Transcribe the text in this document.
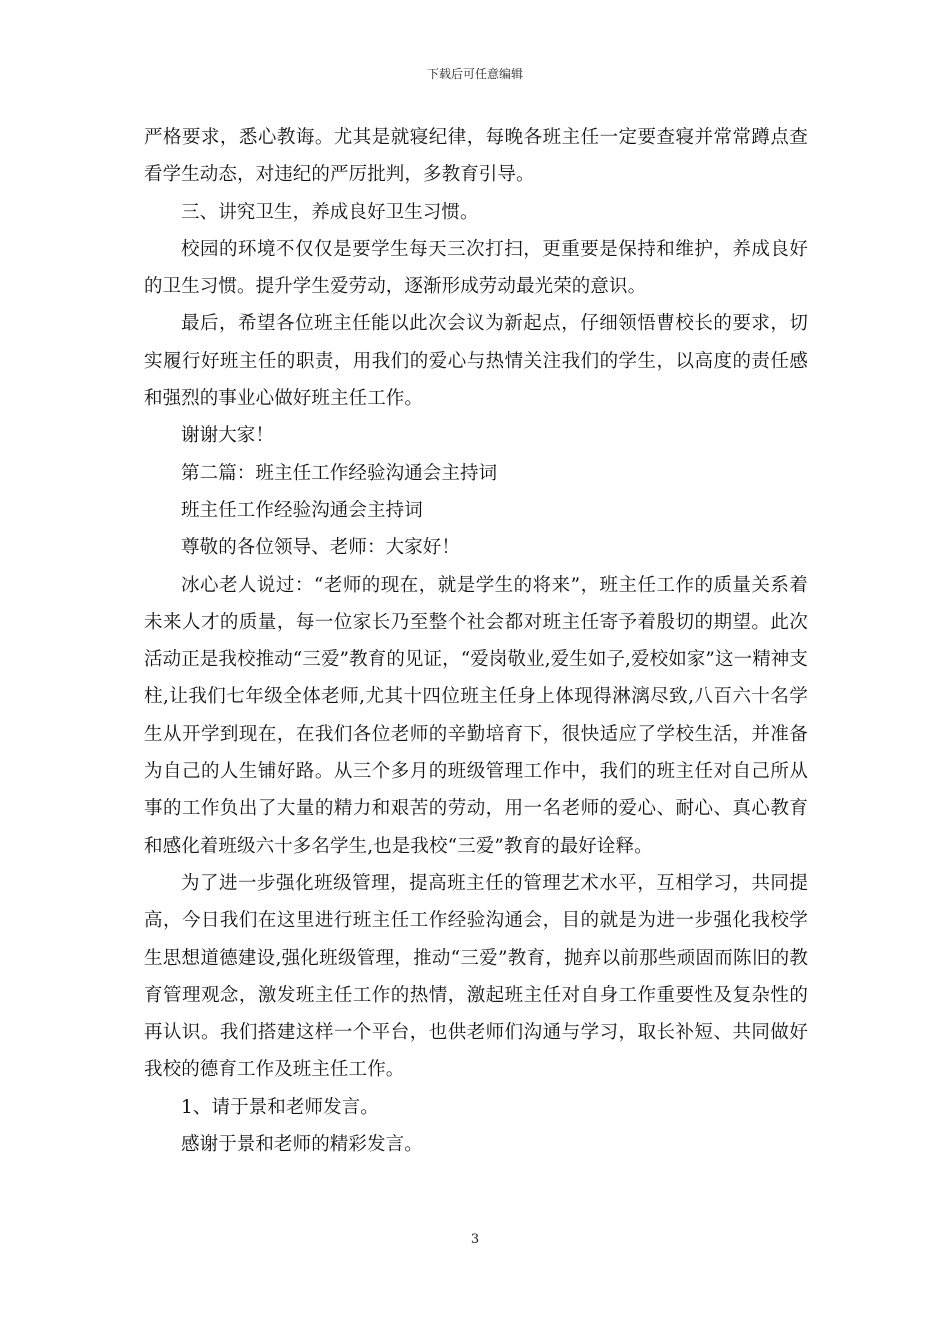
下载后可任意编辑

严格要求，悉心教诲。尤其是就寝纪律，每晚各班主任一定要查寝并常常蹲点查看学生动态，对违纪的严厉批判，多教育引导。

三、讲究卫生，养成良好卫生习惯。

校园的环境不仅仅是要学生每天三次打扫，更重要是保持和维护，养成良好的卫生习惯。提升学生爱劳动，逐渐形成劳动最光荣的意识。

最后，希望各位班主任能以此次会议为新起点，仔细领悟曹校长的要求，切实履行好班主任的职责，用我们的爱心与热情关注我们的学生，以高度的责任感和强烈的事业心做好班主任工作。

谢谢大家！

第二篇：班主任工作经验沟通会主持词

班主任工作经验沟通会主持词

尊敬的各位领导、老师：大家好！

冰心老人说过：“老师的现在，就是学生的将来”，班主任工作的质量关系着未来人才的质量，每一位家长乃至整个社会都对班主任寄予着殷切的期望。此次活动正是我校推动“三爱”教育的见证，“爱岗敬业,爱生如子,爱校如家”这一精神支柱,让我们七年级全体老师,尤其十四位班主任身上体现得淋漓尽致,八百六十名学生从开学到现在，在我们各位老师的辛勤培育下，很快适应了学校生活，并准备为自己的人生铺好路。从三个多月的班级管理工作中，我们的班主任对自己所从事的工作负出了大量的精力和艰苦的劳动，用一名老师的爱心、耐心、真心教育和感化着班级六十多名学生,也是我校“三爱”教育的最好诠释。

为了进一步强化班级管理，提高班主任的管理艺术水平，互相学习，共同提高，今日我们在这里进行班主任工作经验沟通会，目的就是为进一步强化我校学生思想道德建设,强化班级管理，推动“三爱”教育，抛弃以前那些顽固而陈旧的教育管理观念，激发班主任工作的热情，激起班主任对自身工作重要性及复杂性的再认识。我们搭建这样一个平台，也供老师们沟通与学习，取长补短、共同做好我校的德育工作及班主任工作。

1、请于景和老师发言。

感谢于景和老师的精彩发言。

3
